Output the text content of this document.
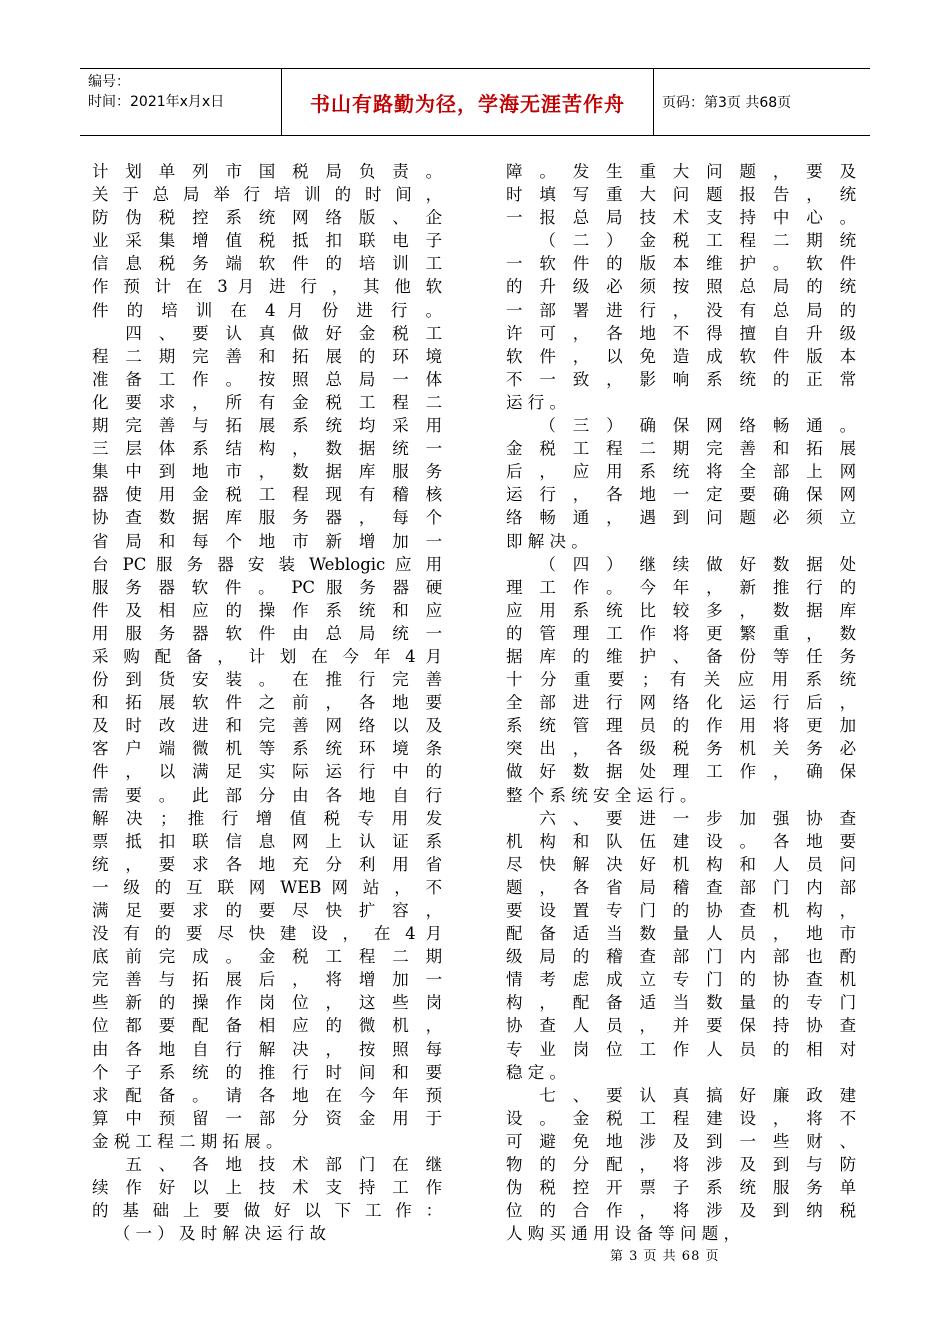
编号：
时间：2021年x月x日	书山有路勤为径，学海无涯苦作舟	页码：第3页 共68页
计 划 单 列 市 国 税 局 负 责 。
关 于 总 局 举 行 培 训 的 时 间 ，
防 伪 税 控 系 统 网 络 版 、 企
业 采 集 增 值 税 抵 扣 联 电 子
信 息 税 务 端 软 件 的 培 训 工
作 预 计 在 3 月 进 行 ， 其 他 软
件 的 培 训 在 4 月 份 进 行 。
　 四 、 要 认 真 做 好 金 税 工
程 二 期 完 善 和 拓 展 的 环 境
准 备 工 作 。 按 照 总 局 一 体
化 要 求 ， 所 有 金 税 工 程 二
期 完 善 与 拓 展 系 统 均 采 用
三 层 体 系 结 构 ， 数 据 统 一
集 中 到 地 市 ， 数 据 库 服 务
器 使 用 金 税 工 程 现 有 稽 核
协 查 数 据 库 服 务 器 ， 每 个
省 局 和 每 个 地 市 新 增 加 一
台 PC 服 务 器 安 装 Weblogic 应 用
服 务 器 软 件 。 PC 服 务 器 硬
件 及 相 应 的 操 作 系 统 和 应
用 服 务 器 软 件 由 总 局 统 一
采 购 配 备 ， 计 划 在 今 年 4 月
份 到 货 安 装 。 在 推 行 完 善
和 拓 展 软 件 之 前 ， 各 地 要
及 时 改 进 和 完 善 网 络 以 及
客 户 端 微 机 等 系 统 环 境 条
件 ， 以 满 足 实 际 运 行 中 的
需 要 。 此 部 分 由 各 地 自 行
解 决 ； 推 行 增 值 税 专 用 发
票 抵 扣 联 信 息 网 上 认 证 系
统 ， 要 求 各 地 充 分 利 用 省
一 级 的 互 联 网 WEB 网 站 ， 不
满 足 要 求 的 要 尽 快 扩 容 ，
没 有 的 要 尽 快 建 设 ， 在 4 月
底 前 完 成 。 金 税 工 程 二 期
完 善 与 拓 展 后 ， 将 增 加 一
些 新 的 操 作 岗 位 ， 这 些 岗
位 都 要 配 备 相 应 的 微 机 ，
由 各 地 自 行 解 决 ， 按 照 每
个 子 系 统 的 推 行 时 间 和 要
求 配 备 。 请 各 地 在 今 年 预
算 中 预 留 一 部 分 资 金 用 于
金 税 工 程 二 期 拓 展 。
　 五 、 各 地 技 术 部 门 在 继
续 作 好 以 上 技 术 支 持 工 作
的 基 础 上 要 做 好 以 下 工 作 ：
　 （ 一 ） 及 时 解 决 运 行 故
障 。 发 生 重 大 问 题 ， 要 及
时 填 写 重 大 问 题 报 告 ， 统
一 报 总 局 技 术 支 持 中 心 。
　 （ 二 ） 金 税 工 程 二 期 统
一 软 件 的 版 本 维 护 。 软 件
的 升 级 必 须 按 照 总 局 的 统
一 部 署 进 行 ， 没 有 总 局 的
许 可 ， 各 地 不 得 擅 自 升 级
软 件 ， 以 免 造 成 软 件 版 本
不 一 致 ， 影 响 系 统 的 正 常
运 行 。
　 （ 三 ） 确 保 网 络 畅 通 。
金 税 工 程 二 期 完 善 和 拓 展
后 ， 应 用 系 统 将 全 部 上 网
运 行 ， 各 地 一 定 要 确 保 网
络 畅 通 ， 遇 到 问 题 必 须 立
即 解 决 。
　 （ 四 ） 继 续 做 好 数 据 处
理 工 作 。 今 年 ， 新 推 行 的
应 用 系 统 比 较 多 ， 数 据 库
的 管 理 工 作 将 更 繁 重 ， 数
据 库 的 维 护 、 备 份 等 任 务
十 分 重 要 ； 有 关 应 用 系 统
全 部 进 行 网 络 化 运 行 后 ，
系 统 管 理 员 的 作 用 将 更 加
突 出 ， 各 级 税 务 机 关 务 必
做 好 数 据 处 理 工 作 ， 确 保
整 个 系 统 安 全 运 行 。
　 六 、 要 进 一 步 加 强 协 查
机 构 和 队 伍 建 设 。 各 地 要
尽 快 解 决 好 机 构 和 人 员 问
题 ， 各 省 局 稽 查 部 门 内 部
要 设 置 专 门 的 协 查 机 构 ，
配 备 适 当 数 量 人 员 ， 地 市
级 局 的 稽 查 部 门 内 部 也 酌
情 考 虑 成 立 专 门 的 协 查 机
构 ， 配 备 适 当 数 量 的 专 门
协 查 人 员 ， 并 要 保 持 协 查
专 业 岗 位 工 作 人 员 的 相 对
稳 定 。
　 七 、 要 认 真 搞 好 廉 政 建
设 。 金 税 工 程 建 设 ， 将 不
可 避 免 地 涉 及 到 一 些 财 、
物 的 分 配 ， 将 涉 及 到 与 防
伪 税 控 开 票 子 系 统 服 务 单
位 的 合 作 ， 将 涉 及 到 纳 税
人 购 买 通 用 设 备 等 问 题 ，
第 3 页 共 68 页
